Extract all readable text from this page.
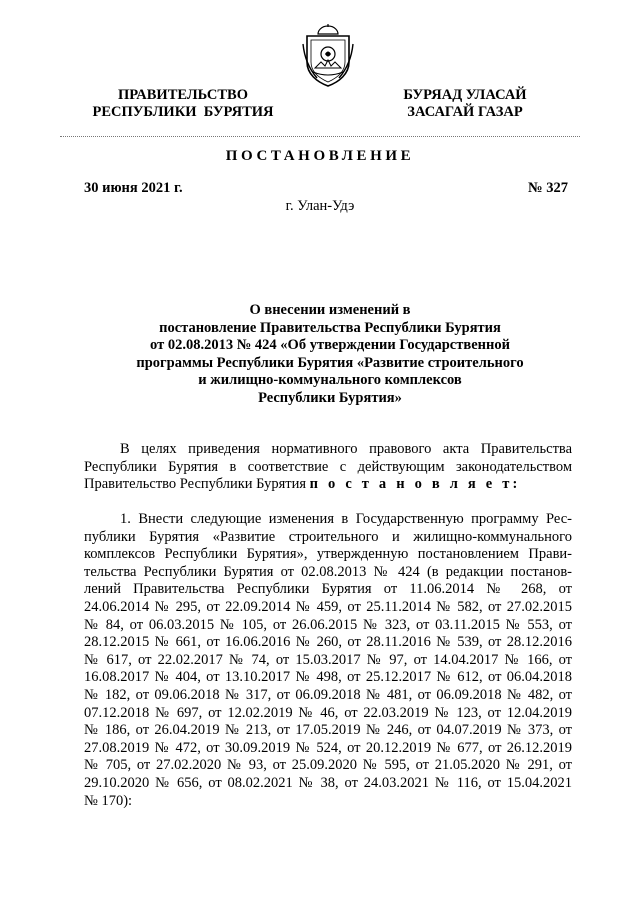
ПРАВИТЕЛЬСТВО
РЕСПУБЛИКИ  БУРЯТИЯ
БУРЯАД УЛАСАЙ
ЗАСАГАЙ ГАЗАР
ПОСТАНОВЛЕНИЕ
30 июня 2021 г.	№ 327
г. Улан-Удэ
О внесении изменений в
постановление Правительства Республики Бурятия
от 02.08.2013 № 424 «Об утверждении Государственной
программы Республики Бурятия «Развитие строительного
и жилищно-коммунального комплексов
Республики Бурятия»
В целях приведения нормативного правового акта Правительства
Республики Бурятия в соответствие с действующим законодательством
Правительство Республики Бурятия п о с т а н о в л я е т:
1. Внести следующие изменения в Государственную программу Рес-
публики Бурятия «Развитие строительного и жилищно-коммунального
комплексов Республики Бурятия», утвержденную постановлением Прави-
тельства Республики Бурятия от 02.08.2013 № 424 (в редакции постанов-
лений Правительства Республики Бурятия от 11.06.2014 № 268, от
24.06.2014 № 295, от 22.09.2014 № 459, от 25.11.2014 № 582, от 27.02.2015
№ 84, от 06.03.2015 № 105, от 26.06.2015 № 323, от 03.11.2015 № 553, от
28.12.2015 № 661, от 16.06.2016 № 260, от 28.11.2016 № 539, от 28.12.2016
№ 617, от 22.02.2017 № 74, от 15.03.2017 № 97, от 14.04.2017 № 166, от
16.08.2017 № 404, от 13.10.2017 № 498, от 25.12.2017 № 612, от 06.04.2018
№ 182, от 09.06.2018 № 317, от 06.09.2018 № 481, от 06.09.2018 № 482, от
07.12.2018 № 697, от 12.02.2019 № 46, от 22.03.2019 № 123, от 12.04.2019
№ 186, от 26.04.2019 № 213, от 17.05.2019 № 246, от 04.07.2019 № 373, от
27.08.2019 № 472, от 30.09.2019 № 524, от 20.12.2019 № 677, от 26.12.2019
№ 705, от 27.02.2020 № 93, от 25.09.2020 № 595, от 21.05.2020 № 291, от
29.10.2020 № 656, от 08.02.2021 № 38, от 24.03.2021 № 116, от 15.04.2021
№ 170):
